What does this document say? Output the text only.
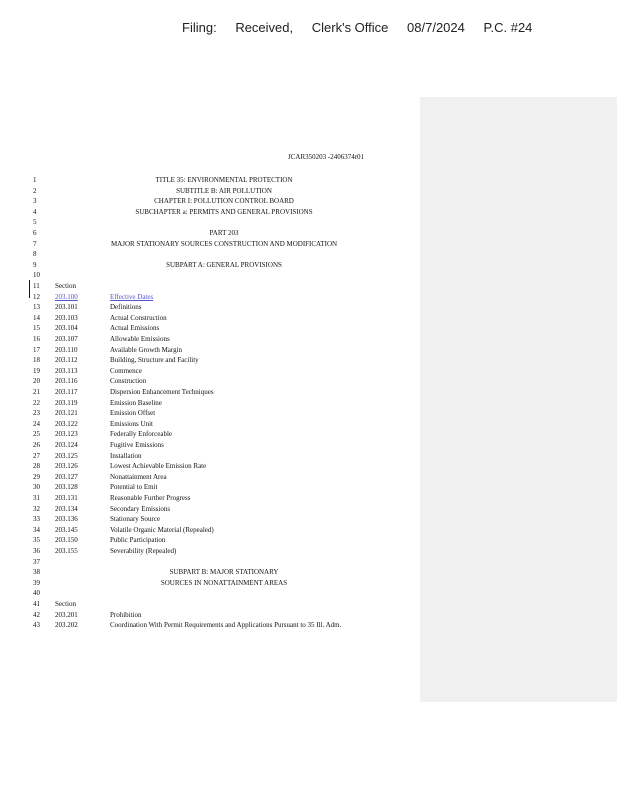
Filing: Received, Clerk's Office 08/7/2024 P.C. #24
JCAR350203 -2406374r01
1	TITLE 35: ENVIRONMENTAL PROTECTION
2	SUBTITLE B: AIR POLLUTION
3	CHAPTER I: POLLUTION CONTROL BOARD
4	SUBCHAPTER a: PERMITS AND GENERAL PROVISIONS
5
6	PART 203
7	MAJOR STATIONARY SOURCES CONSTRUCTION AND MODIFICATION
8
9	SUBPART A: GENERAL PROVISIONS
10
11	Section
12	203.100	Effective Dates
13	203.101	Definitions
14	203.103	Actual Construction
15	203.104	Actual Emissions
16	203.107	Allowable Emissions
17	203.110	Available Growth Margin
18	203.112	Building, Structure and Facility
19	203.113	Commence
20	203.116	Construction
21	203.117	Dispersion Enhancement Techniques
22	203.119	Emission Baseline
23	203.121	Emission Offset
24	203.122	Emissions Unit
25	203.123	Federally Enforceable
26	203.124	Fugitive Emissions
27	203.125	Installation
28	203.126	Lowest Achievable Emission Rate
29	203.127	Nonattainment Area
30	203.128	Potential to Emit
31	203.131	Reasonable Further Progress
32	203.134	Secondary Emissions
33	203.136	Stationary Source
34	203.145	Volatile Organic Material (Repealed)
35	203.150	Public Participation
36	203.155	Severability (Repealed)
37
38	SUBPART B: MAJOR STATIONARY
39	SOURCES IN NONATTAINMENT AREAS
40
41	Section
42	203.201	Prohibition
43	203.202	Coordination With Permit Requirements and Applications Pursuant to 35 Ill. Adm.
